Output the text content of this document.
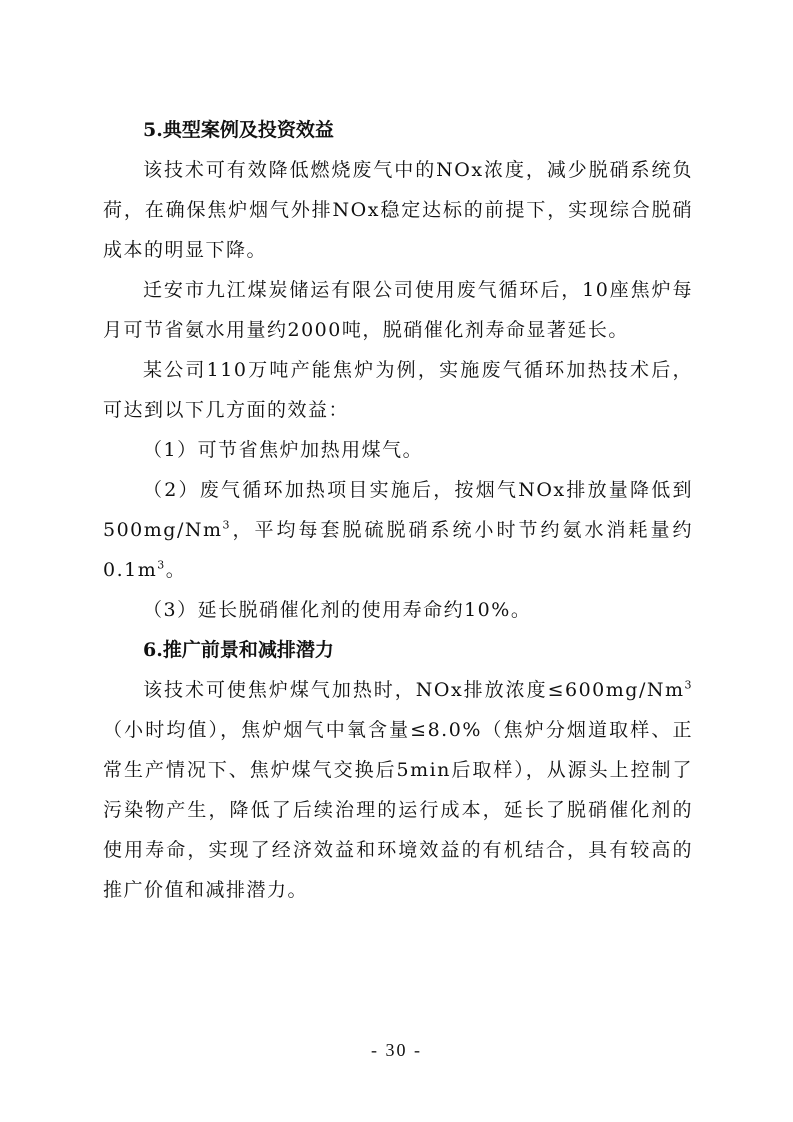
5.典型案例及投资效益

该技术可有效降低燃烧废气中的NOx浓度，减少脱硝系统负荷，在确保焦炉烟气外排NOx稳定达标的前提下，实现综合脱硝成本的明显下降。

迁安市九江煤炭储运有限公司使用废气循环后，10座焦炉每月可节省氨水用量约2000吨，脱硝催化剂寿命显著延长。

某公司110万吨产能焦炉为例，实施废气循环加热技术后，可达到以下几方面的效益：

（1）可节省焦炉加热用煤气。

（2）废气循环加热项目实施后，按烟气NOx排放量降低到500mg/Nm$^3$，平均每套脱硫脱硝系统小时节约氨水消耗量约$0.1m^3$。

（3）延长脱硝催化剂的使用寿命约10%。

6.推广前景和减排潜力

该技术可使焦炉煤气加热时，NOx排放浓度$\le 600mg/Nm^3$（小时均值），焦炉烟气中氧含量≤8.0%（焦炉分烟道取样、正常生产情况下、焦炉煤气交换后5min后取样），从源头上控制了污染物产生，降低了后续治理的运行成本，延长了脱硝催化剂的使用寿命，实现了经济效益和环境效益的有机结合，具有较高的推广价值和减排潜力。

- 30 -
